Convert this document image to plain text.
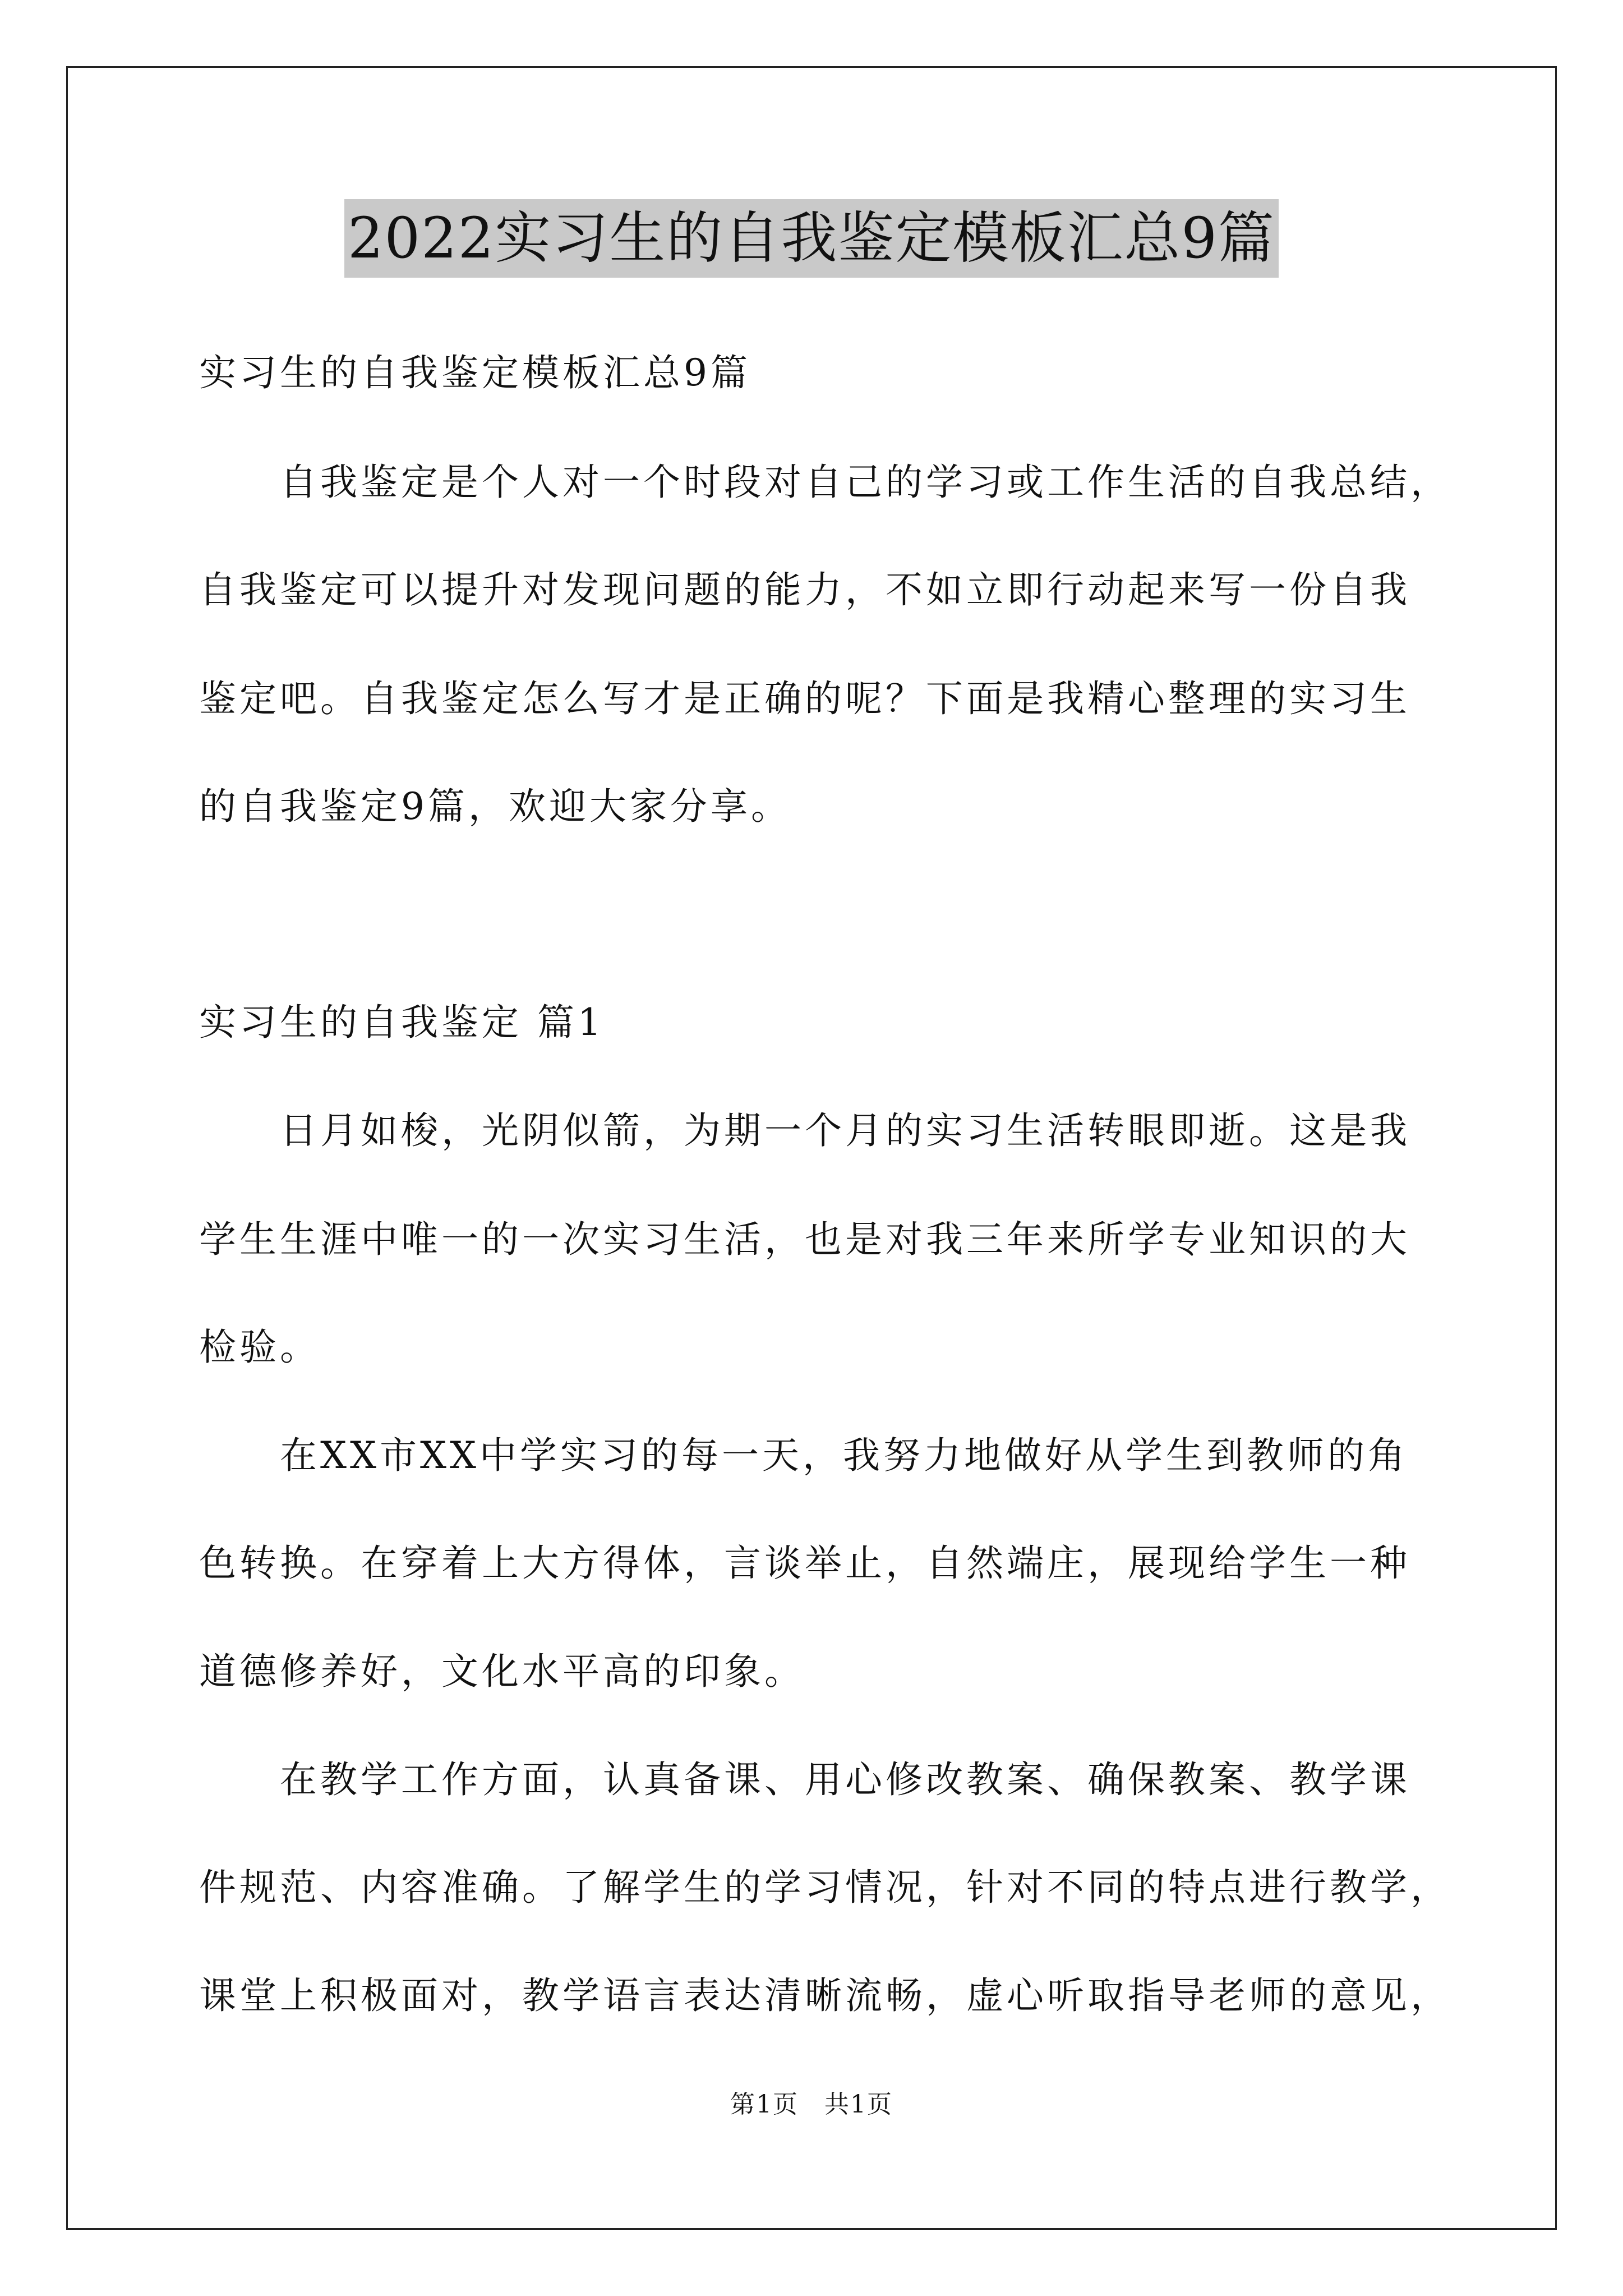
2022实习生的自我鉴定模板汇总9篇
实习生的自我鉴定模板汇总9篇
　　自我鉴定是个人对一个时段对自己的学习或工作生活的自我总结，
自我鉴定可以提升对发现问题的能力，不如立即行动起来写一份自我
鉴定吧。自我鉴定怎么写才是正确的呢？下面是我精心整理的实习生
的自我鉴定9篇，欢迎大家分享。
实习生的自我鉴定 篇1
　　日月如梭，光阴似箭，为期一个月的实习生活转眼即逝。这是我
学生生涯中唯一的一次实习生活，也是对我三年来所学专业知识的大
检验。
　　在XX市XX中学实习的每一天，我努力地做好从学生到教师的角
色转换。在穿着上大方得体，言谈举止，自然端庄，展现给学生一种
道德修养好，文化水平高的印象。
　　在教学工作方面，认真备课、用心修改教案、确保教案、教学课
件规范、内容准确。了解学生的学习情况，针对不同的特点进行教学，
课堂上积极面对，教学语言表达清晰流畅，虚心听取指导老师的意见，
第1页　共1页
